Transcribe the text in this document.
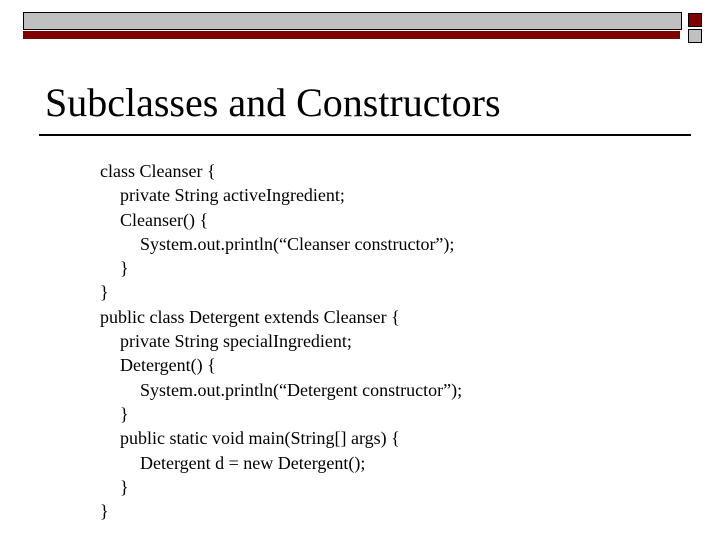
Subclasses and Constructors
class Cleanser {
private String activeIngredient;
Cleanser() {
System.out.println(“Cleanser constructor”);
}
}
public class Detergent extends Cleanser {
private String specialIngredient;
Detergent() {
System.out.println(“Detergent constructor”);
}
public static void main(String[] args) {
Detergent d = new Detergent();
}
}
